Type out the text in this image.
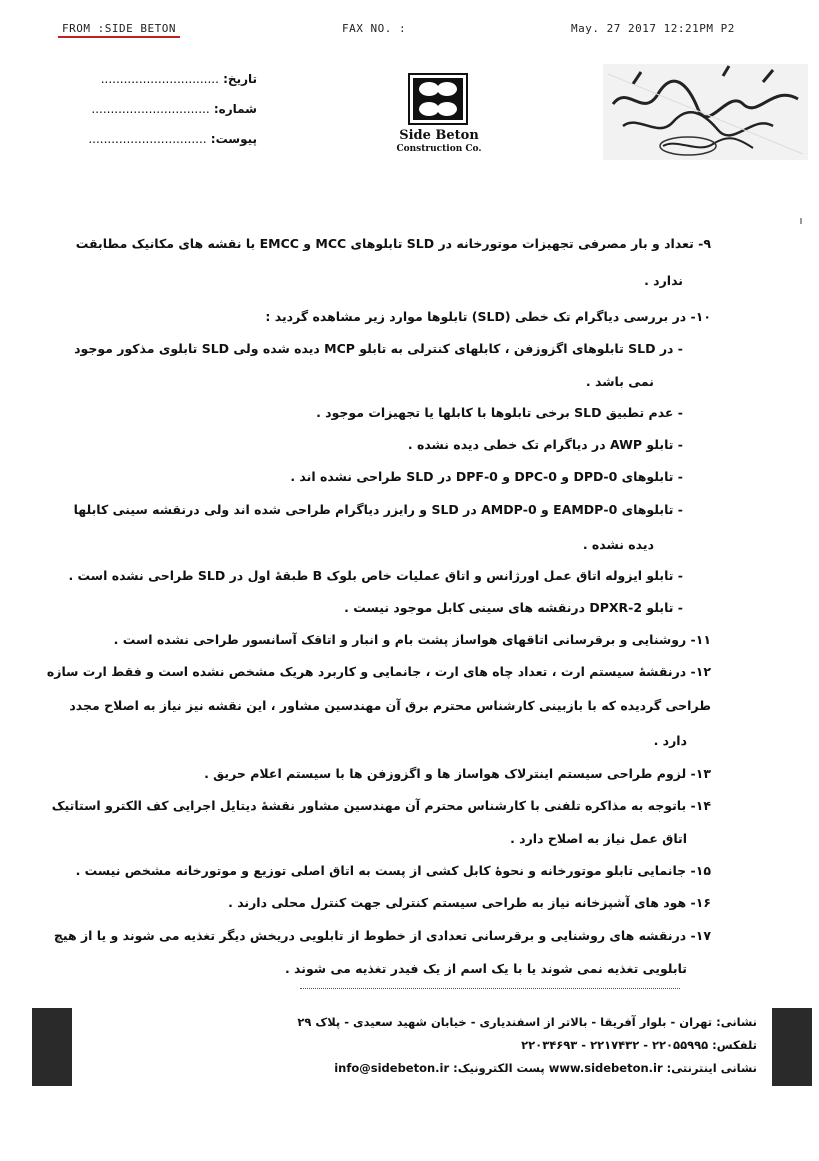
FROM :SIDE BETON	FAX NO. :	May. 27 2017 12:21PM P2
تاریخ: ...............................
شماره: ...............................
پیوست: ...............................	Side Beton
Construction Co.
۹- تعداد و بار مصرفی تجهیزات موتورخانه در SLD تابلوهای MCC و EMCC با نقشه های مکانیک مطابقت
ندارد .
۱۰- در بررسی دیاگرام تک خطی (SLD) تابلوها موارد زیر مشاهده گردید :
- در SLD تابلوهای اگزوزفن ، کابلهای کنترلی به تابلو MCP دیده شده ولی SLD تابلوی مذکور موجود
نمی باشد .
- عدم تطبیق SLD برخی تابلوها با کابلها یا تجهیزات موجود .
- تابلو AWP در دیاگرام تک خطی دیده نشده .
- تابلوهای 0-DPD و 0-DPC و 0-DPF در SLD طراحی نشده اند .
- تابلوهای 0-EAMDP و 0-AMDP در SLD و رایزر دیاگرام طراحی شده اند ولی درنقشه سینی کابلها
دیده نشده .
- تابلو ایزوله اتاق عمل اورژانس و اتاق عملیات خاص بلوک B طبقهٔ اول در SLD طراحی نشده است .
- تابلو 2-DPXR درنقشه های سینی کابل موجود نیست .
۱۱- روشنایی و برقرسانی اتاقهای هواساز پشت بام و انبار و اتاقک آسانسور طراحی نشده است .
۱۲- درنقشهٔ سیستم ارت ، تعداد چاه های ارت ، جانمایی و کاربرد هریک مشخص نشده است و فقط ارت سازه
طراحی گردیده که با بازبینی کارشناس محترم برق آن مهندسین مشاور ، این نقشه نیز نیاز به اصلاح مجدد
دارد .
۱۳- لزوم طراحی سیستم اینترلاک هواساز ها و اگزوزفن ها با سیستم اعلام حریق .
۱۴- باتوجه به مذاکره تلفنی با کارشناس محترم آن مهندسین مشاور نقشهٔ دیتایل اجرایی کف الکترو استاتیک
اتاق عمل نیاز به اصلاح دارد .
۱۵- جانمایی تابلو موتورخانه و نحوهٔ کابل کشی از پست به اتاق اصلی توزیع و موتورخانه مشخص نیست .
۱۶- هود های آشپزخانه نیاز به طراحی سیستم کنترلی جهت کنترل محلی دارند .
۱۷- درنقشه های روشنایی و برقرسانی تعدادی از خطوط از تابلویی دریخش دیگر تغذیه می شوند و یا از هیچ
تابلویی تغذیه نمی شوند یا با یک اسم از یک فیدر تغذیه می شوند .
نشانی: تهران - بلوار آفریقا - بالاتر از اسفندیاری - خیابان شهید سعیدی - پلاک ۲۹
تلفکس: ۲۲۰۵۵۹۹۵ - ۲۲۱۷۴۳۲ - ۲۲۰۳۴۶۹۳
نشانی اینترنتی: www.sidebeton.ir پست الکترونیک: info@sidebeton.ir
